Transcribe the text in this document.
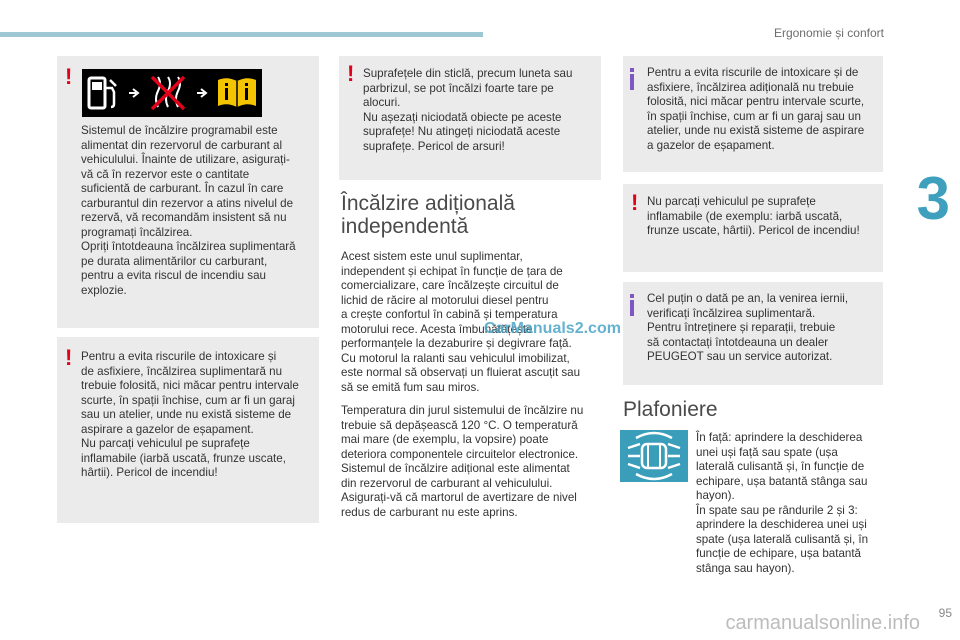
Ergonomie și confort
3
!
Sistemul de încălzire programabil este
alimentat din rezervorul de carburant al
vehiculului. Înainte de utilizare, asigurați-
vă că în rezervor este o cantitate
suficientă de carburant. În cazul în care
carburantul din rezervor a atins nivelul de
rezervă, vă recomandăm insistent să nu
programați încălzirea.
Opriți întotdeauna încălzirea suplimentară
pe durata alimentărilor cu carburant,
pentru a evita riscul de incendiu sau
explozie.
! Pentru a evita riscurile de intoxicare și
de asfixiere, încălzirea suplimentară nu
trebuie folosită, nici măcar pentru intervale
scurte, în spații închise, cum ar fi un garaj
sau un atelier, unde nu există sisteme de
aspirare a gazelor de eșapament.
Nu parcați vehiculul pe suprafețe
inflamabile (iarbă uscată, frunze uscate,
hârtii). Pericol de incendiu!
! Suprafețele din sticlă, precum luneta sau
parbrizul, se pot încălzi foarte tare pe
alocuri.
Nu așezați niciodată obiecte pe aceste
suprafețe! Nu atingeți niciodată aceste
suprafețe. Pericol de arsuri!
Încălzire adițională
independentă
Acest sistem este unul suplimentar,
independent și echipat în funcție de țara de
comercializare, care încălzește circuitul de
lichid de răcire al motorului diesel pentru
a crește confortul în cabină și temperatura
motorului rece. Acesta îmbunătățește
performanțele la dezaburire și degivrare față.
Cu motorul la ralanti sau vehiculul imobilizat,
este normal să observați un fluierat ascuțit sau
să se emită fum sau miros.
Temperatura din jurul sistemului de încălzire nu
trebuie să depășească 120 °C. O temperatură
mai mare (de exemplu, la vopsire) poate
deteriora componentele circuitelor electronice.
Sistemul de încălzire adițional este alimentat
din rezervorul de carburant al vehiculului.
Asigurați-vă că martorul de avertizare de nivel
redus de carburant nu este aprins.
Pentru a evita riscurile de intoxicare și de
asfixiere, încălzirea adițională nu trebuie
folosită, nici măcar pentru intervale scurte,
în spații închise, cum ar fi un garaj sau un
atelier, unde nu există sisteme de aspirare
a gazelor de eșapament.
! Nu parcați vehiculul pe suprafețe
inflamabile (de exemplu: iarbă uscată,
frunze uscate, hârtii). Pericol de incendiu!
Cel puțin o dată pe an, la venirea iernii,
verificați încălzirea suplimentară.
Pentru întreținere și reparații, trebuie
să contactați întotdeauna un dealer
PEUGEOT sau un service autorizat.
Plafoniere
În față: aprindere la deschiderea
unei uși față sau spate (ușa
laterală culisantă și, în funcție de
echipare, ușa batantă stânga sau
hayon).
În spate sau pe rândurile 2 și 3:
aprindere la deschiderea unei uși
spate (ușa laterală culisantă și, în
funcție de echipare, ușa batantă
stânga sau hayon).
CarManuals2.com
95
carmanualsonline.info
